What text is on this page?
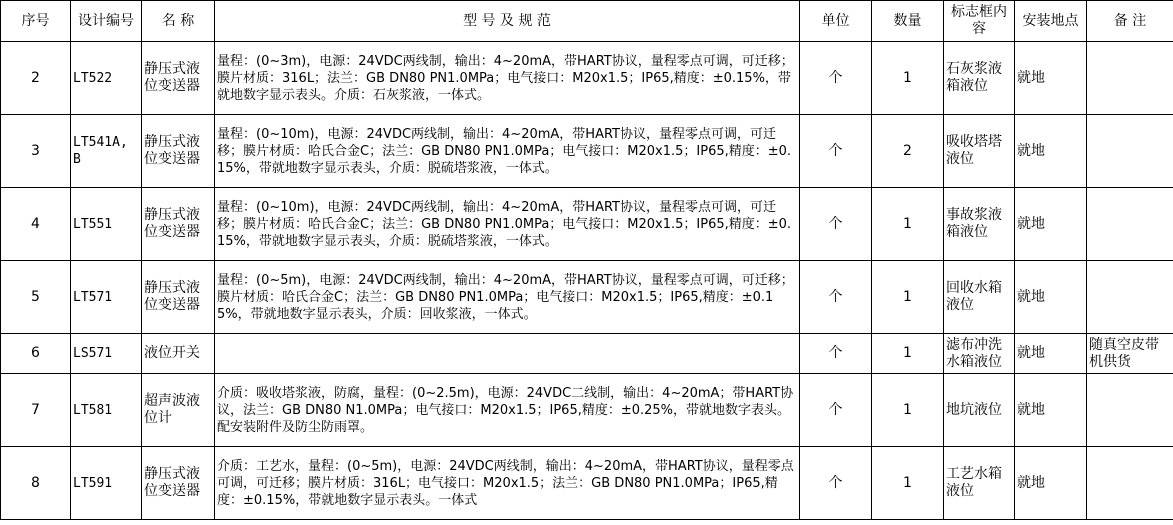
序号	设计编号	名 称	型 号 及 规 范	单位	数量	标志框内容	安装地点	备 注
2	LT522	静压式液位变送器	量程：(0~3m)，电源：24VDC两线制，输出：4~20mA，带HART协议，量程零点可调，可迁移；膜片材质：316L；法兰：GB DN80 PN1.0MPa；电气接口：M20x1.5；IP65,精度：±0.15%，带就地数字显示表头。介质：石灰浆液，一体式。	个	1	石灰浆液箱液位	就地	
3	LT541A, B	静压式液位变送器	量程：(0~10m)，电源：24VDC两线制，输出：4~20mA，带HART协议，量程零点可调，可迁移；膜片材质：哈氏合金C；法兰：GB DN80 PN1.0MPa；电气接口：M20x1.5；IP65,精度：±0.15%，带就地数字显示表头，介质：脱硫塔浆液，一体式。	个	2	吸收塔塔液位	就地	
4	LT551	静压式液位变送器	量程：(0~10m)，电源：24VDC两线制，输出：4~20mA，带HART协议，量程零点可调，可迁移；膜片材质：哈氏合金C；法兰：GB DN80 PN1.0MPa；电气接口：M20x1.5；IP65,精度：±0.15%，带就地数字显示表头，介质：脱硫塔浆液，一体式。	个	1	事故浆液箱液位	就地	
5	LT571	静压式液位变送器	量程：(0~5m)，电源：24VDC两线制，输出：4~20mA，带HART协议，量程零点可调，可迁移；膜片材质：哈氏合金C；法兰：GB DN80 PN1.0MPa；电气接口：M20x1.5；IP65,精度：±0.15%，带就地数字显示表头，介质：回收浆液，一体式。	个	1	回收水箱液位	就地	
6	LS571	液位开关		个	1	滤布冲洗水箱液位	就地	随真空皮带机供货
7	LT581	超声波液位计	介质：吸收塔浆液，防腐，量程：(0~2.5m)，电源：24VDC二线制，输出：4~20mA；带HART协议，法兰：GB DN80 N1.0MPa；电气接口：M20x1.5；IP65,精度：±0.25%，带就地数字表头。配安装附件及防尘防雨罩。	个	1	地坑液位	就地	
8	LT591	静压式液位变送器	介质：工艺水，量程：(0~5m)，电源：24VDC两线制，输出：4~20mA，带HART协议，量程零点可调，可迁移；膜片材质：316L；电气接口：M20x1.5；法兰：GB DN80 PN1.0MPa；IP65,精度：±0.15%，带就地数字显示表头。一体式	个	1	工艺水箱液位	就地	
